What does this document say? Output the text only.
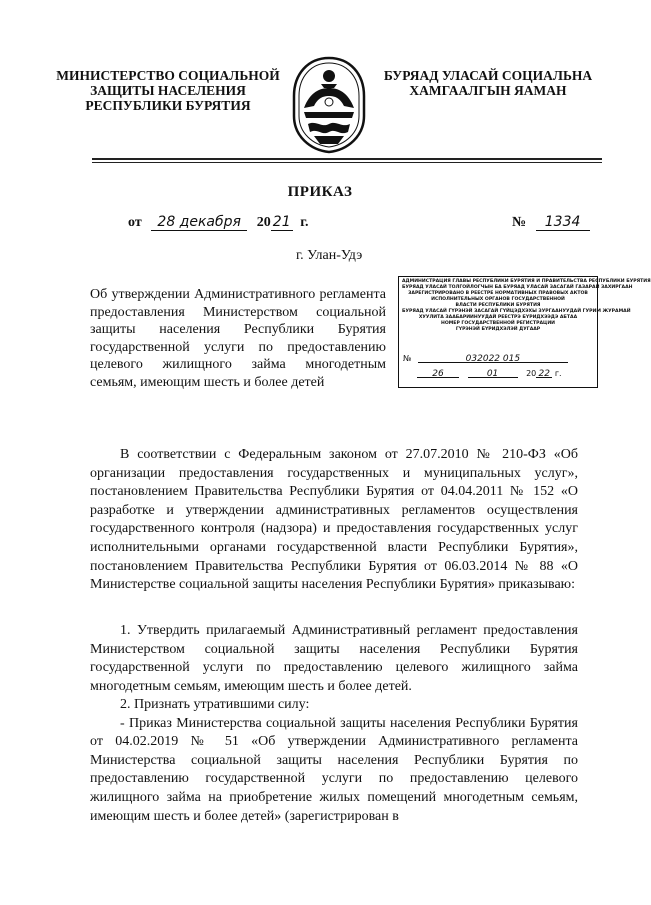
МИНИСТЕРСТВО СОЦИАЛЬНОЙ
ЗАЩИТЫ НАСЕЛЕНИЯ
РЕСПУБЛИКИ БУРЯТИЯ
БУРЯАД УЛАСАЙ СОЦИАЛЬНА
ХАМГААЛГЫН ЯАМАН
ПРИКАЗ
от 28 декабря 20 21 г.	№ 1334
г. Улан-Удэ
Об утверждении Административного регламента предоставления Министерством социальной защиты населения Республики Бурятия государственной услуги по предоставлению целевого жилищного займа многодетным семьям, имеющим шесть и более детей
АДМИНИСТРАЦИЯ ГЛАВЫ РЕСПУБЛИКИ БУРЯТИЯ И ПРАВИТЕЛЬСТВА РЕСПУБЛИКИ БУРЯТИЯ
БУРЯАД УЛАСАЙ ТОЛГОЙЛОГЧЫН БА БУРЯАД УЛАСАЙ ЗАСАГАЙ ГАЗАРАЙ ЗАХИРГААН
ЗАРЕГИСТРИРОВАНО В РЕЕСТРЕ НОРМАТИВНЫХ ПРАВОВЫХ АКТОВ
ИСПОЛНИТЕЛЬНЫХ ОРГАНОВ ГОСУДАРСТВЕННОЙ
ВЛАСТИ РЕСПУБЛИКИ БУРЯТИЯ
БУРЯАД УЛАСАЙ ГҮРЭНЭЙ ЗАСАГАЙ ГҮЙЦЭДХЭХЫ ЗУРГААНУУДАЙ ГУРИМ ЖУРАМАЙ
ХУУЛИТА ЗААБАРИИНУУДАЙ РЕЕСТРЭ БҮРИДХЭЭДЭ АБТАА
НОМЕР ГОСУДАРСТВЕННОЙ РЕГИСТРАЦИИ
ГҮРЭНЭЙ БҮРИДХЭЛЭЙ ДУГААР
№	032022 015
26	01	20 22 г.

В соответствии с Федеральным законом от 27.07.2010 № 210-ФЗ «Об организации предоставления государственных и муниципальных услуг», постановлением Правительства Республики Бурятия от 04.04.2011 № 152 «О разработке и утверждении административных регламентов осуществления государственного контроля (надзора) и предоставления государственных услуг исполнительными органами государственной власти Республики Бурятия», постановлением Правительства Республики Бурятия от 06.03.2014 № 88 «О Министерстве социальной защиты населения Республики Бурятия» приказываю:

1. Утвердить прилагаемый Административный регламент предоставления Министерством социальной защиты населения Республики Бурятия государственной услуги по предоставлению целевого жилищного займа многодетным семьям, имеющим шесть и более детей.

2. Признать утратившими силу:

- Приказ Министерства социальной защиты населения Республики Бурятия от 04.02.2019 № 51 «Об утверждении Административного регламента Министерства социальной защиты населения Республики Бурятия по предоставлению государственной услуги по предоставлению целевого жилищного займа на приобретение жилых помещений многодетным семьям, имеющим шесть и более детей» (зарегистрирован в
